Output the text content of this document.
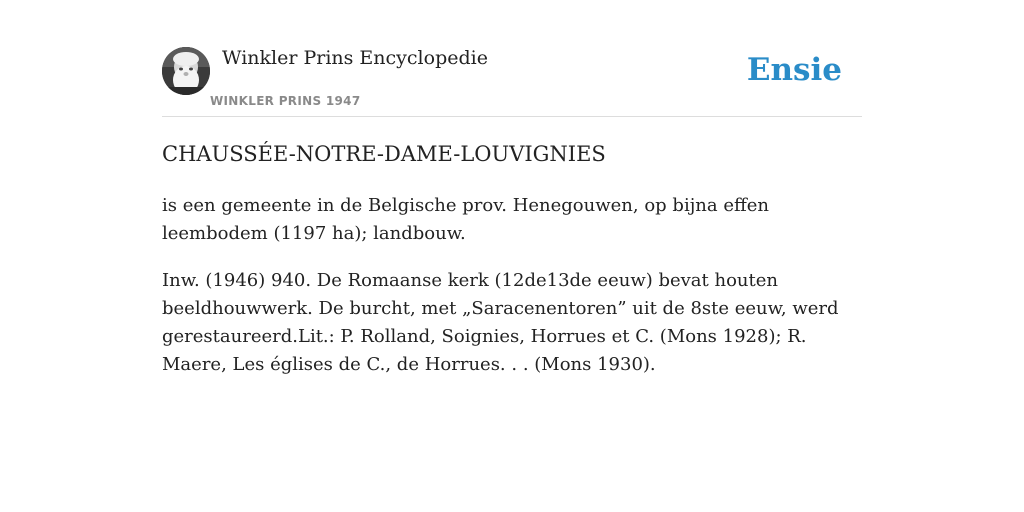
Winkler Prins Encyclopedie
WINKLER PRINS 1947
Ensie
CHAUSSÉE-NOTRE-DAME-LOUVIGNIES

is een gemeente in de Belgische prov. Henegouwen, op bijna effen leembodem (1197 ha); landbouw.

Inw. (1946) 940. De Romaanse kerk (12de13de eeuw) bevat houten beeldhouwwerk. De burcht, met „Saracenentoren” uit de 8ste eeuw, werd gerestaureerd.Lit.: P. Rolland, Soignies, Horrues et C. (Mons 1928); R. Maere, Les églises de C., de Horrues. . . (Mons 1930).
